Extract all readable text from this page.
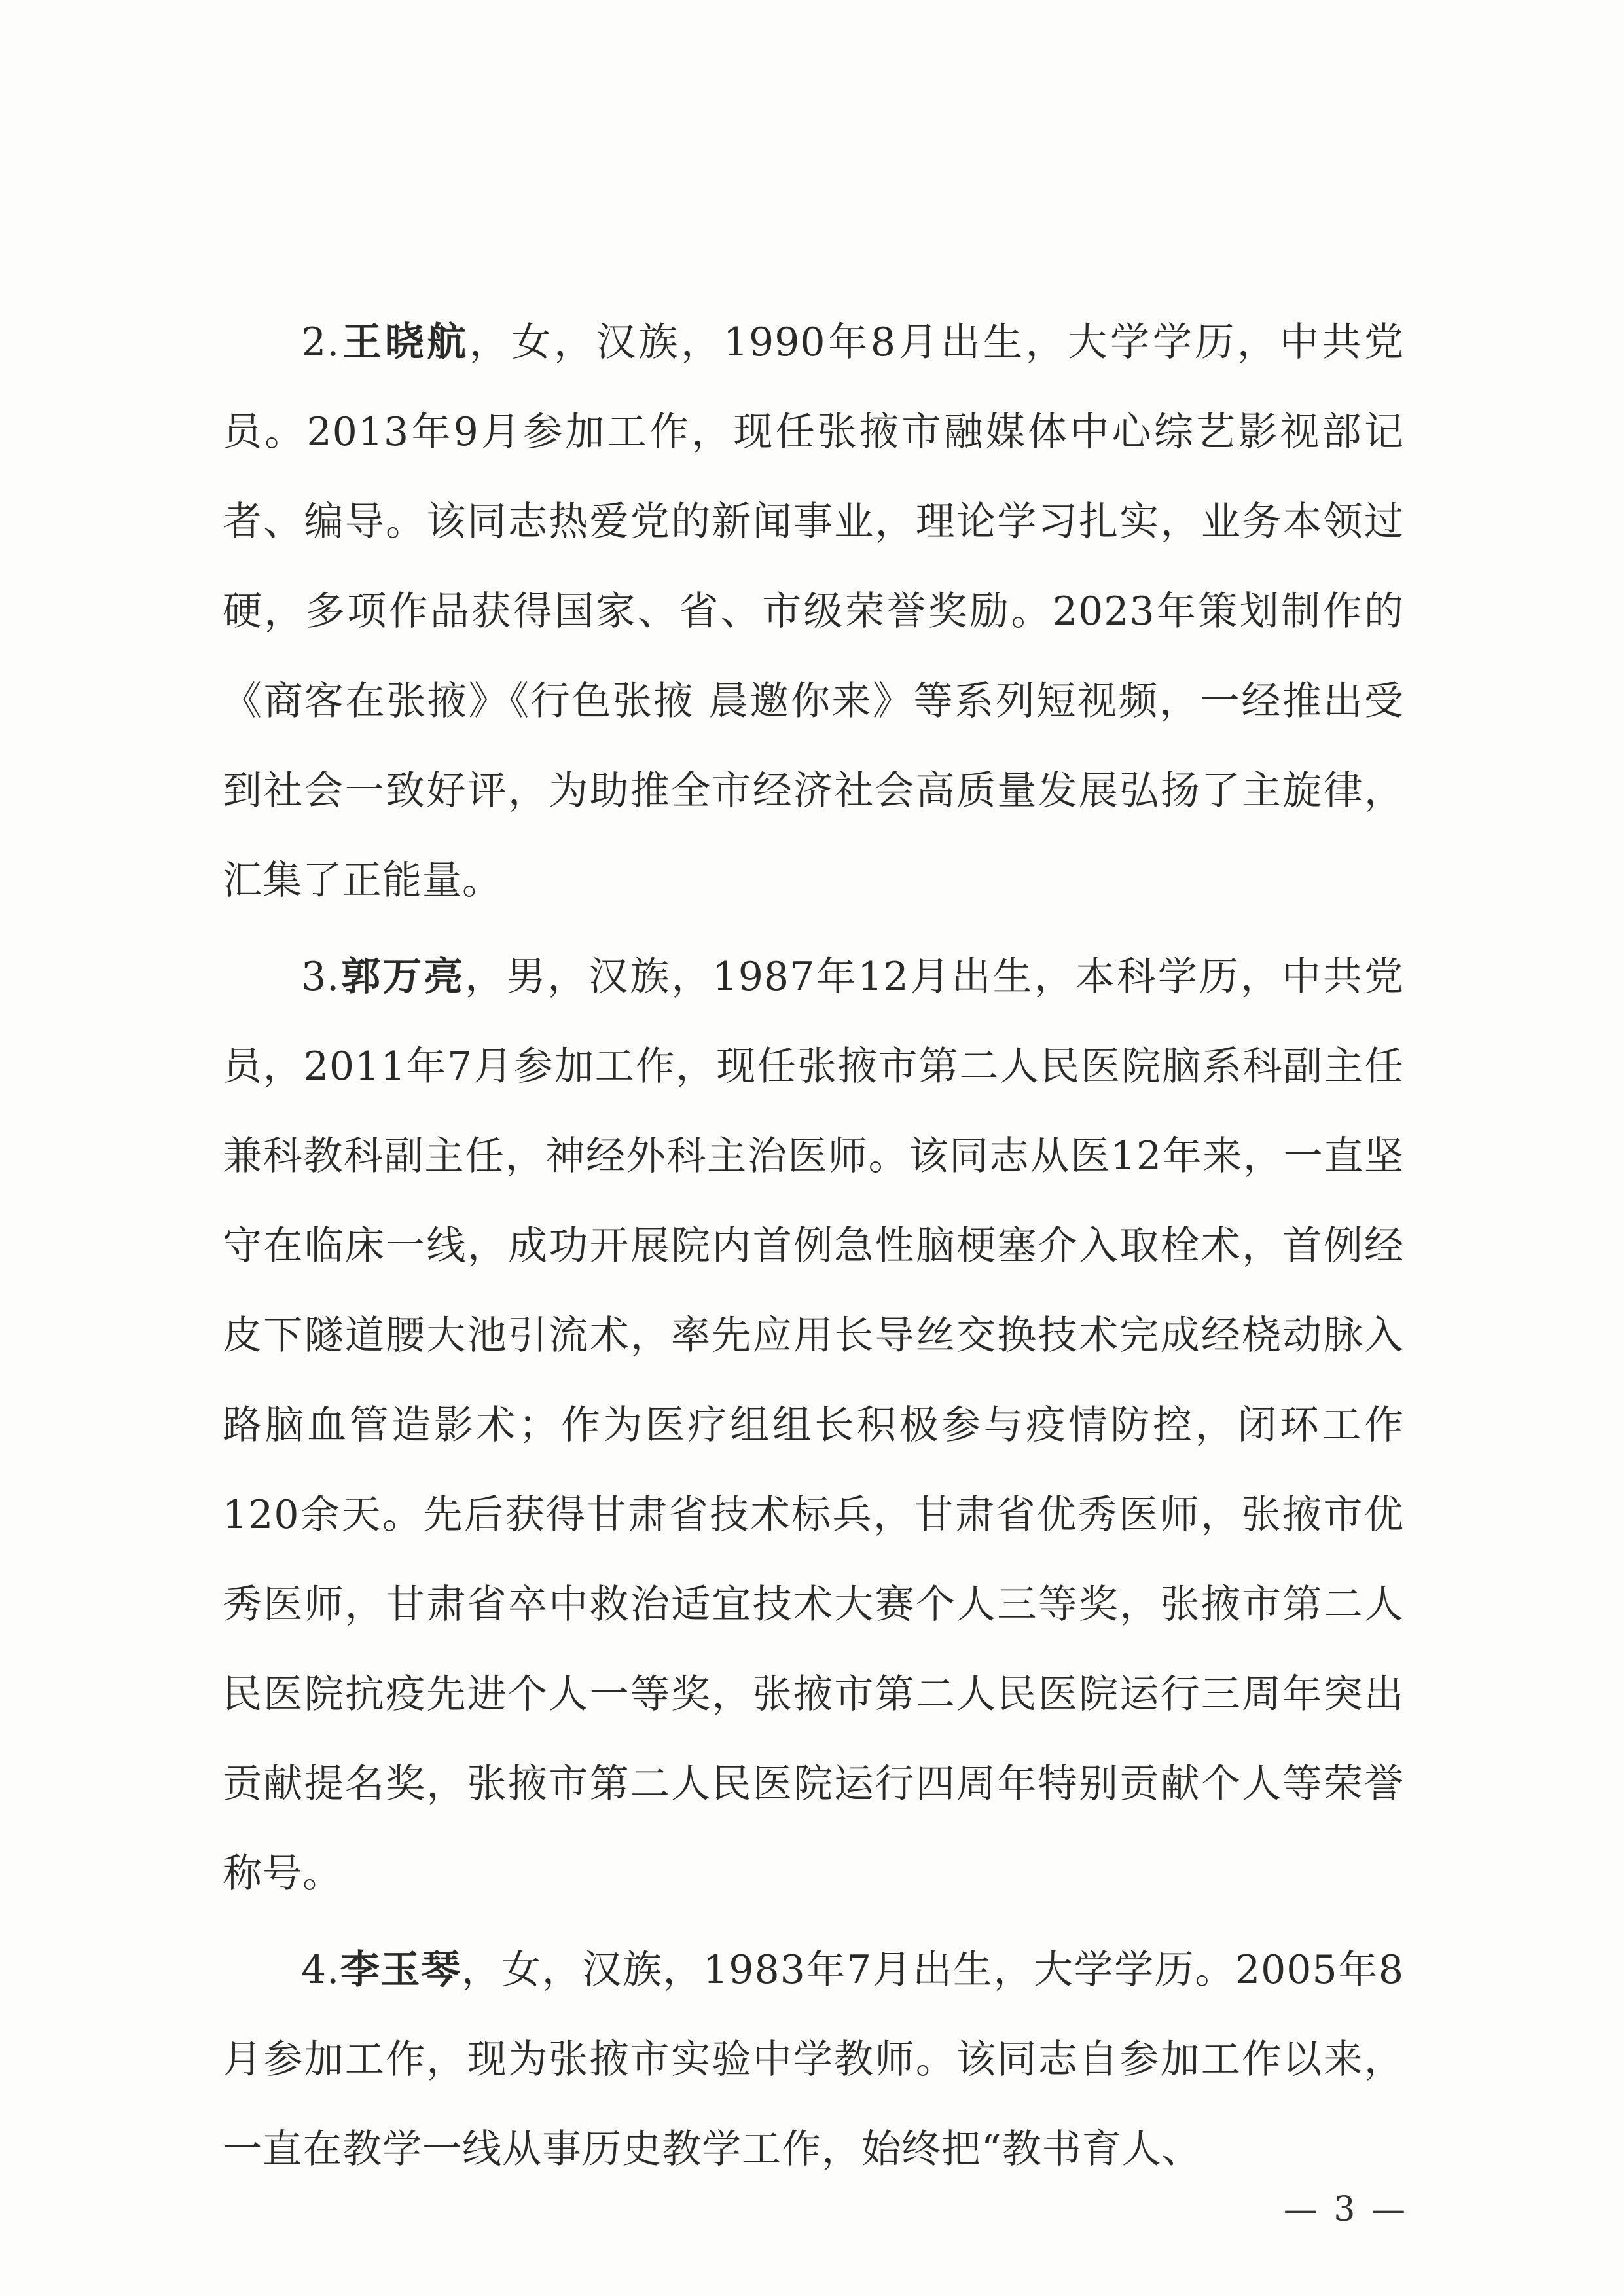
2.王晓航，女，汉族，1990年8月出生，大学学历，中共党员。2013年9月参加工作，现任张掖市融媒体中心综艺影视部记者、编导。该同志热爱党的新闻事业，理论学习扎实，业务本领过硬，多项作品获得国家、省、市级荣誉奖励。2023年策划制作的《商客在张掖》《行色张掖 晨邀你来》等系列短视频，一经推出受到社会一致好评，为助推全市经济社会高质量发展弘扬了主旋律，汇集了正能量。

3.郭万亮，男，汉族，1987年12月出生，本科学历，中共党员，2011年7月参加工作，现任张掖市第二人民医院脑系科副主任兼科教科副主任，神经外科主治医师。该同志从医12年来，一直坚守在临床一线，成功开展院内首例急性脑梗塞介入取栓术，首例经皮下隧道腰大池引流术，率先应用长导丝交换技术完成经桡动脉入路脑血管造影术；作为医疗组组长积极参与疫情防控，闭环工作120余天。先后获得甘肃省技术标兵，甘肃省优秀医师，张掖市优秀医师，甘肃省卒中救治适宜技术大赛个人三等奖，张掖市第二人民医院抗疫先进个人一等奖，张掖市第二人民医院运行三周年突出贡献提名奖，张掖市第二人民医院运行四周年特别贡献个人等荣誉称号。

4.李玉琴，女，汉族，1983年7月出生，大学学历。2005年8月参加工作，现为张掖市实验中学教师。该同志自参加工作以来，一直在教学一线从事历史教学工作，始终把“教书育人、

— 3 —
